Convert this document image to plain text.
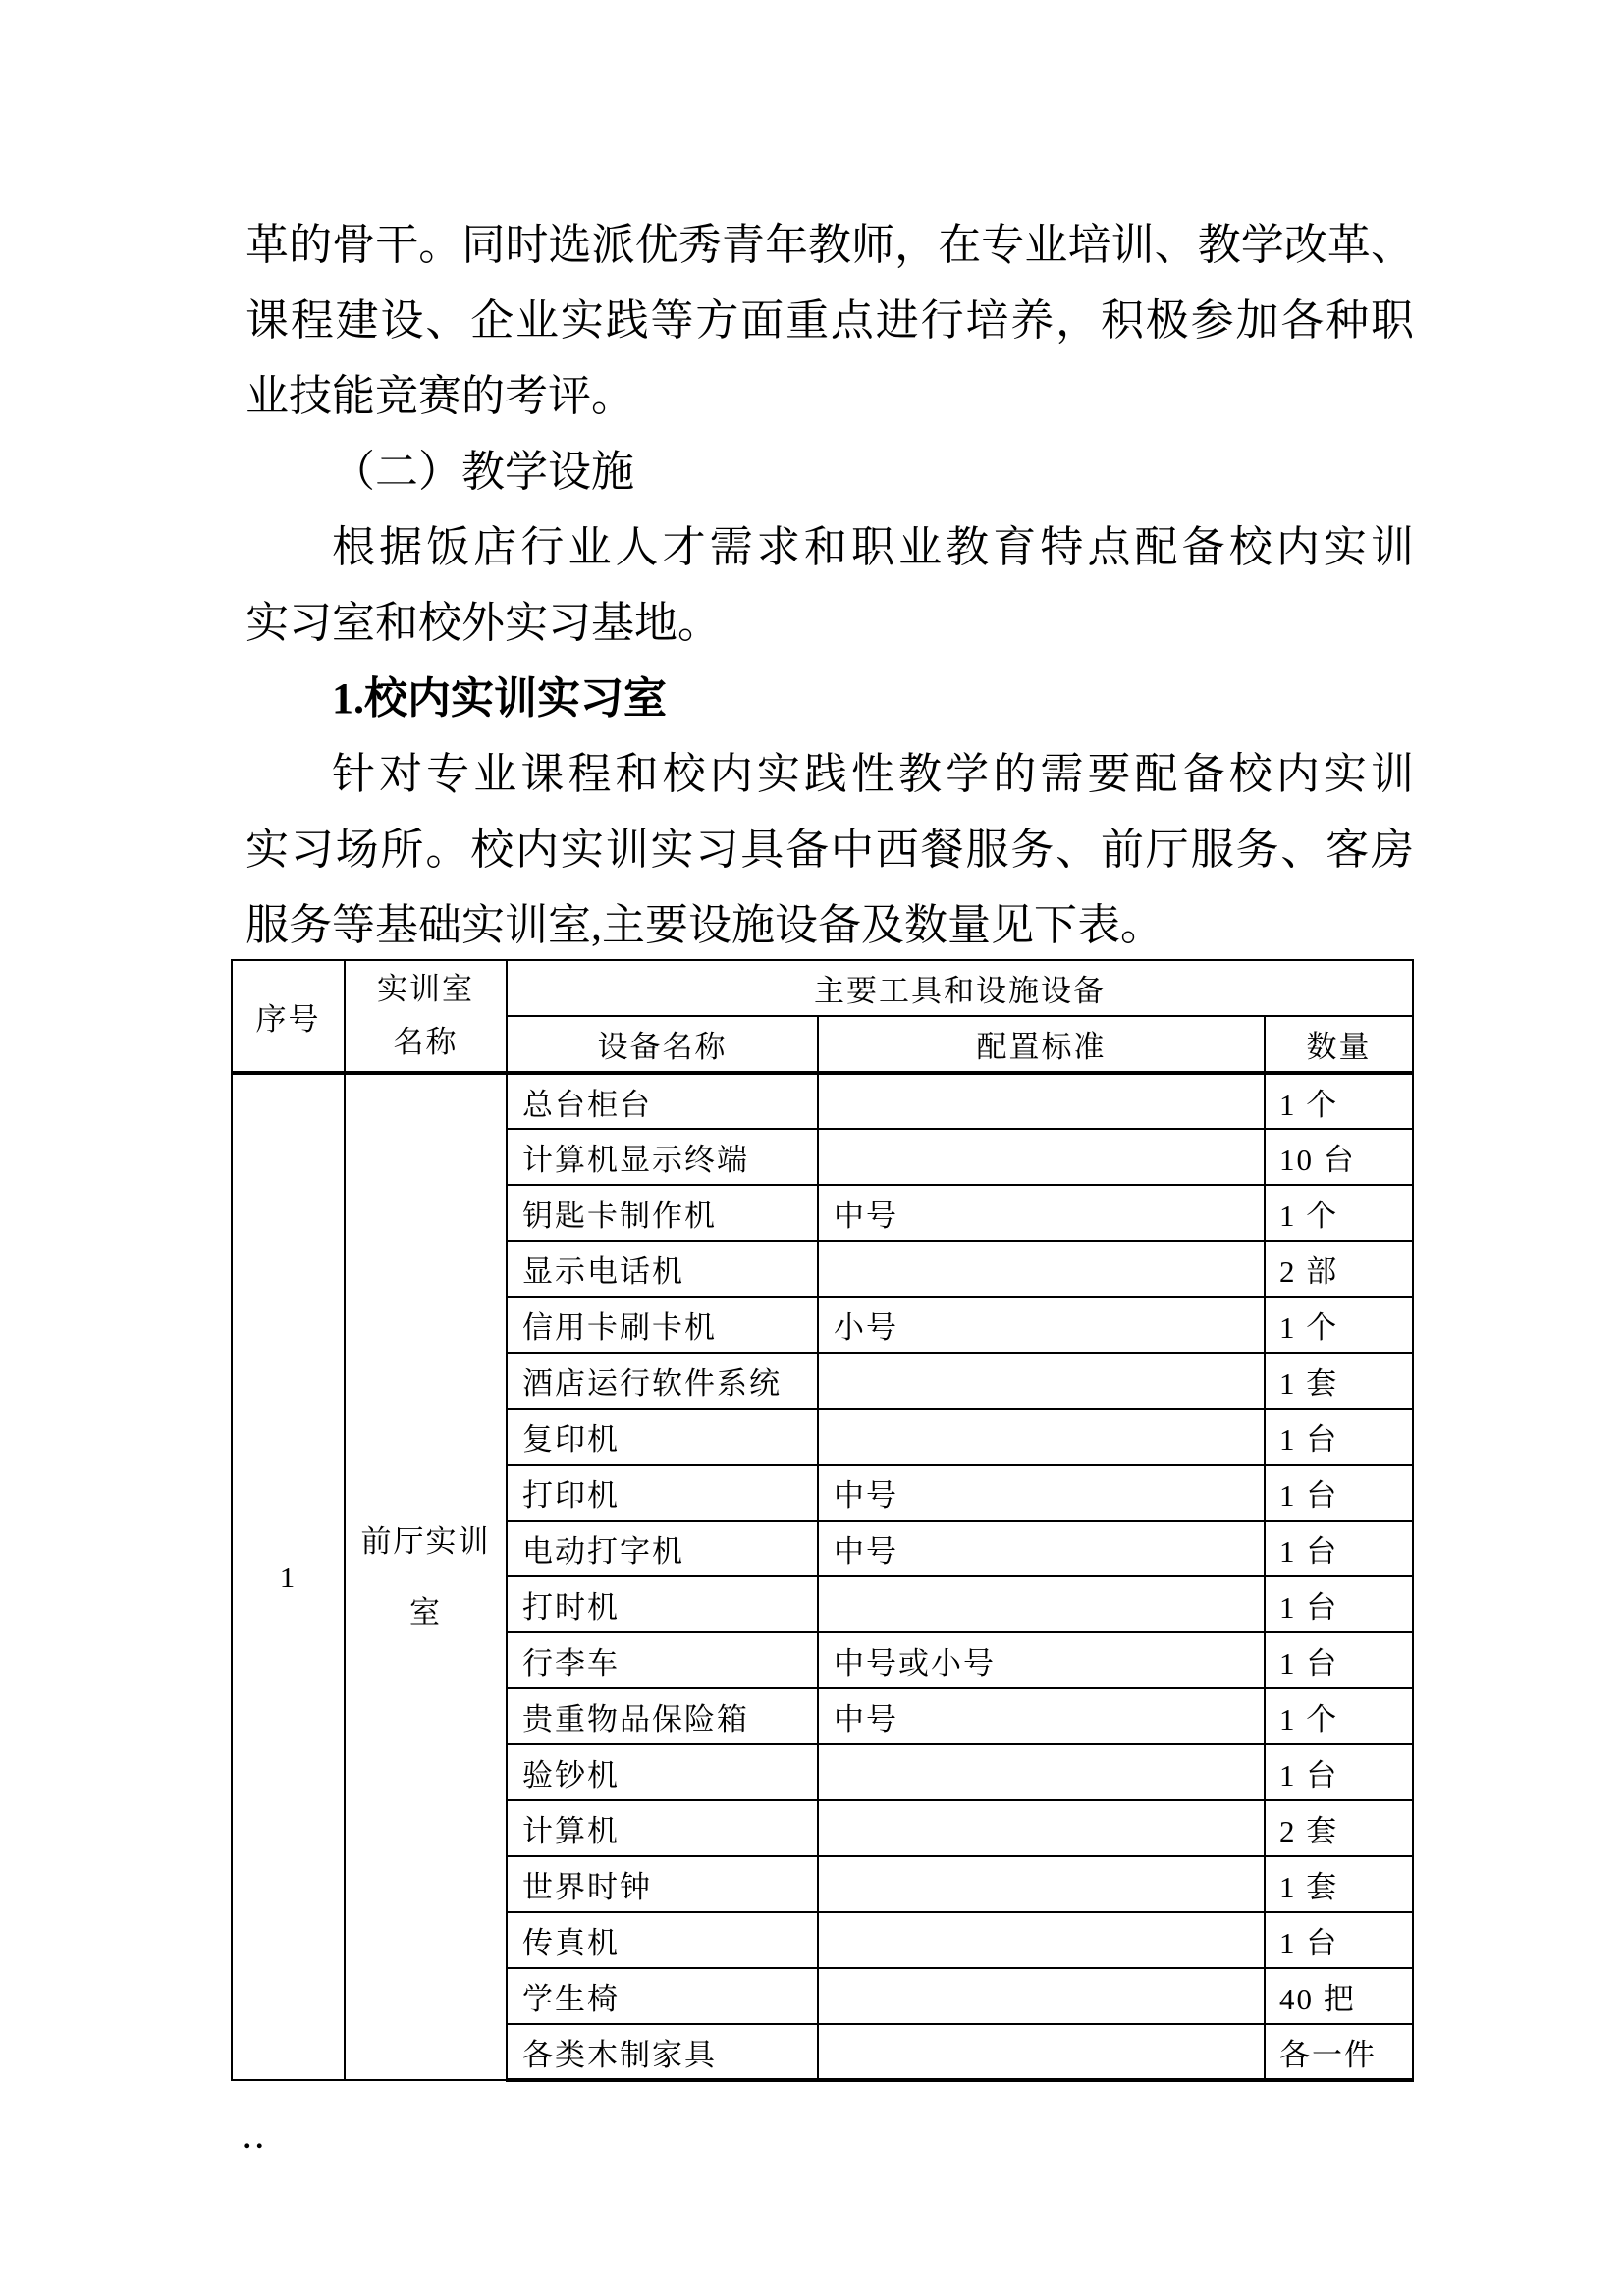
革的骨干。同时选派优秀青年教师，在专业培训、教学改革、
课程建设、企业实践等方面重点进行培养，积极参加各种职
业技能竞赛的考评。
（二）教学设施
根据饭店行业人才需求和职业教育特点配备校内实训
实习室和校外实习基地。
1.校内实训实习室
针对专业课程和校内实践性教学的需要配备校内实训
实习场所。校内实训实习具备中西餐服务、前厅服务、客房
服务等基础实训室,主要设施设备及数量见下表。
序号	实训室
名称	主要工具和设施设备		
		设备名称	配置标准	数量
1	前厅实训室	总台柜台		1 个
		计算机显示终端		10 台
		钥匙卡制作机	中号	1 个
		显示电话机		2 部
		信用卡刷卡机	小号	1 个
		酒店运行软件系统		1 套
		复印机		1 台
		打印机	中号	1 台
		电动打字机	中号	1 台
		打时机		1 台
		行李车	中号或小号	1 台
		贵重物品保险箱	中号	1 个
		验钞机		1 台
		计算机		2 套
		世界时钟		1 套
		传真机		1 台
		学生椅		40 把
		各类木制家具		各一件
..
